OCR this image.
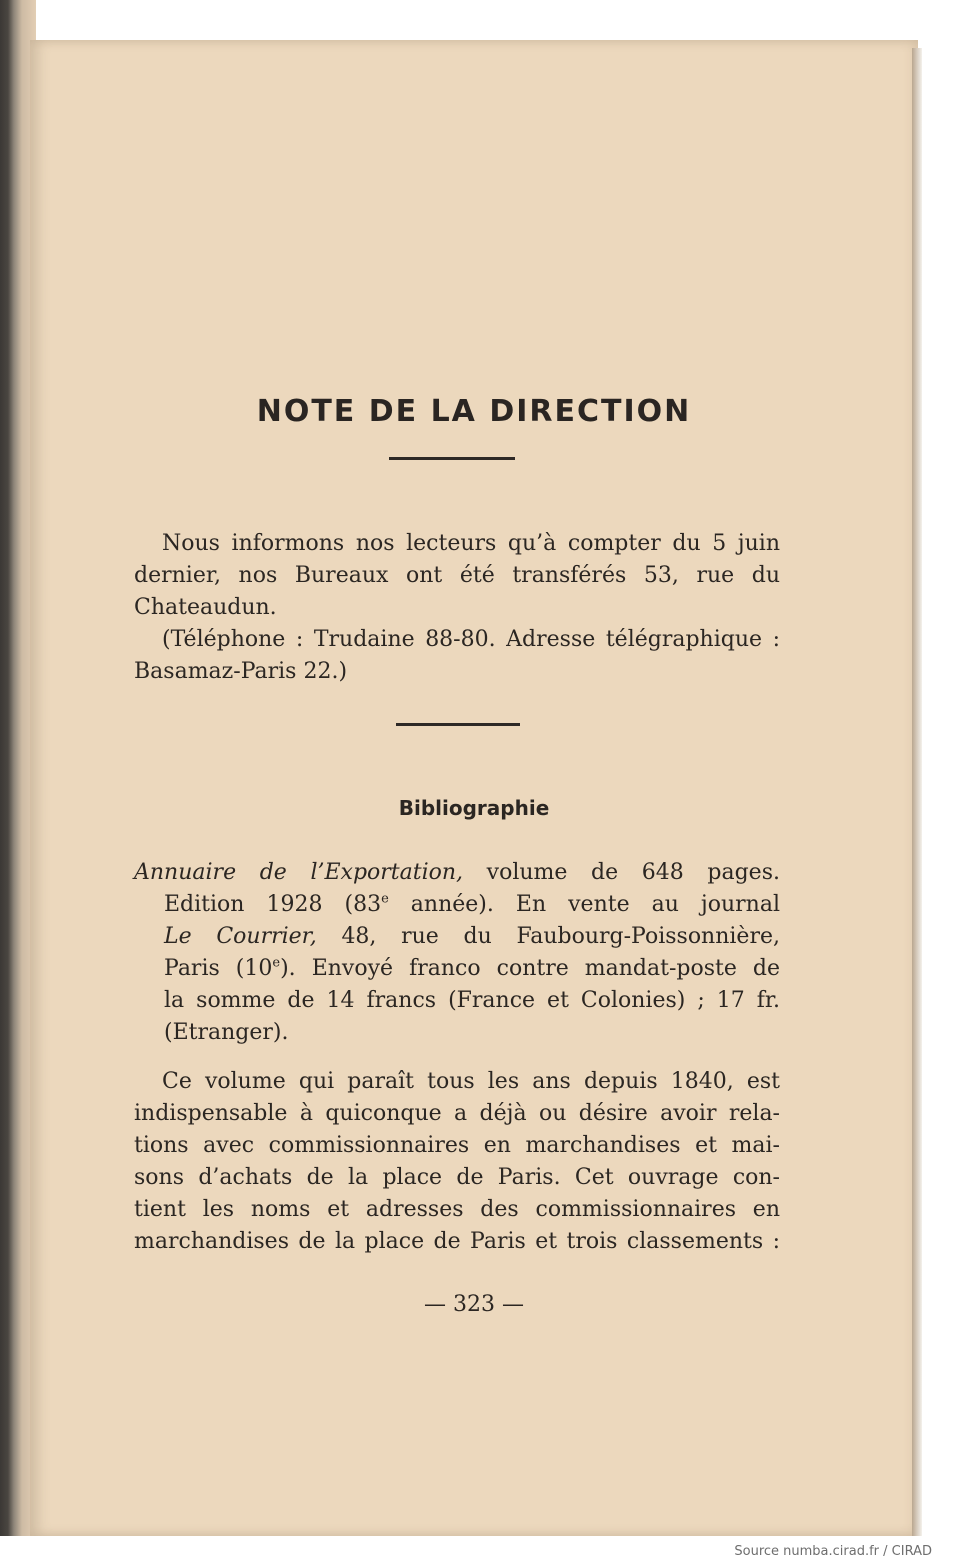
NOTE DE LA DIRECTION
Nous informons nos lecteurs qu’à compter du 5 juin
dernier, nos Bureaux ont été transférés 53, rue du
Chateaudun.
(Téléphone : Trudaine 88-80. Adresse télégraphique :
Basamaz-Paris 22.)
Bibliographie
Annuaire de l’Exportation, volume de 648 pages.
Edition 1928 (83e année). En vente au journal
Le Courrier, 48, rue du Faubourg-Poissonnière,
Paris (10e). Envoyé franco contre mandat-poste de
la somme de 14 francs (France et Colonies) ; 17 fr.
(Etranger).
Ce volume qui paraît tous les ans depuis 1840, est
indispensable à quiconque a déjà ou désire avoir rela-
tions avec commissionnaires en marchandises et mai-
sons d’achats de la place de Paris. Cet ouvrage con-
tient les noms et adresses des commissionnaires en
marchandises de la place de Paris et trois classements :
— 323 —
Source numba.cirad.fr / CIRAD
